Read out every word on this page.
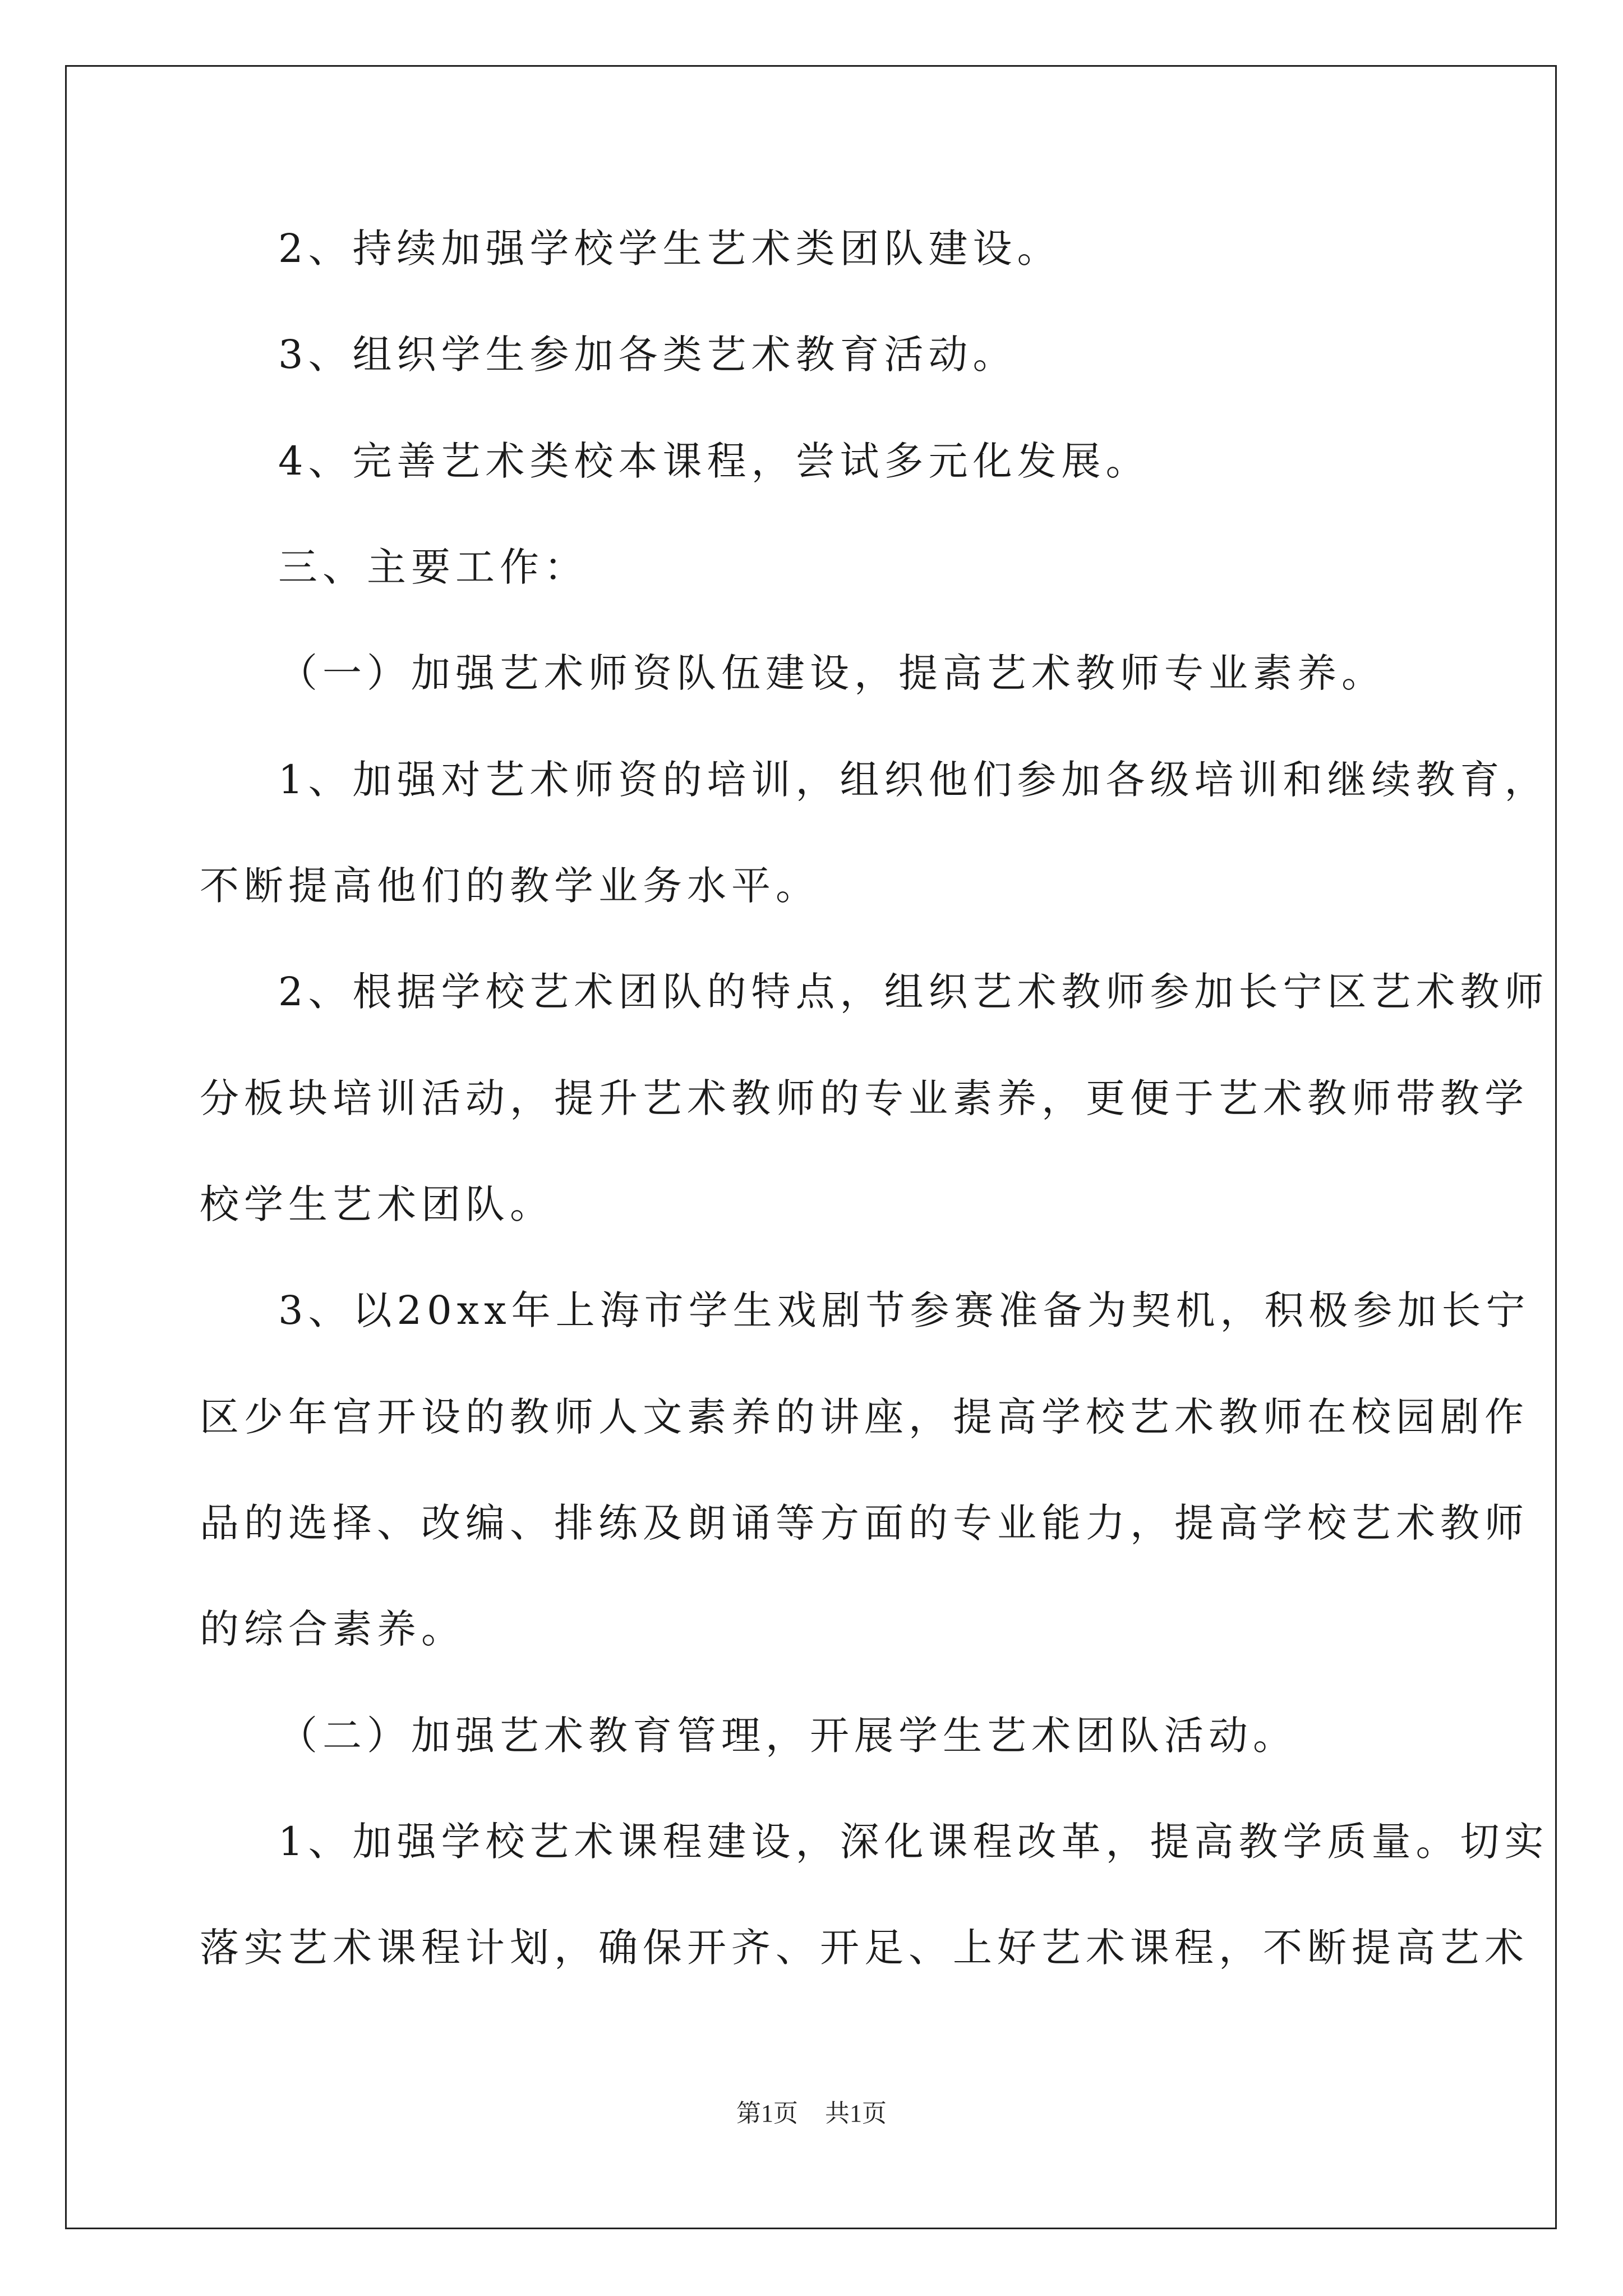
2、持续加强学校学生艺术类团队建设。
3、组织学生参加各类艺术教育活动。
4、完善艺术类校本课程，尝试多元化发展。
三、主要工作：
（一）加强艺术师资队伍建设，提高艺术教师专业素养。
1、加强对艺术师资的培训，组织他们参加各级培训和继续教育，
不断提高他们的教学业务水平。
2、根据学校艺术团队的特点，组织艺术教师参加长宁区艺术教师
分板块培训活动，提升艺术教师的专业素养，更便于艺术教师带教学
校学生艺术团队。
3、以20xx年上海市学生戏剧节参赛准备为契机，积极参加长宁
区少年宫开设的教师人文素养的讲座，提高学校艺术教师在校园剧作
品的选择、改编、排练及朗诵等方面的专业能力，提高学校艺术教师
的综合素养。
（二）加强艺术教育管理，开展学生艺术团队活动。
1、加强学校艺术课程建设，深化课程改革，提高教学质量。切实
落实艺术课程计划，确保开齐、开足、上好艺术课程，不断提高艺术
第1页 共1页
